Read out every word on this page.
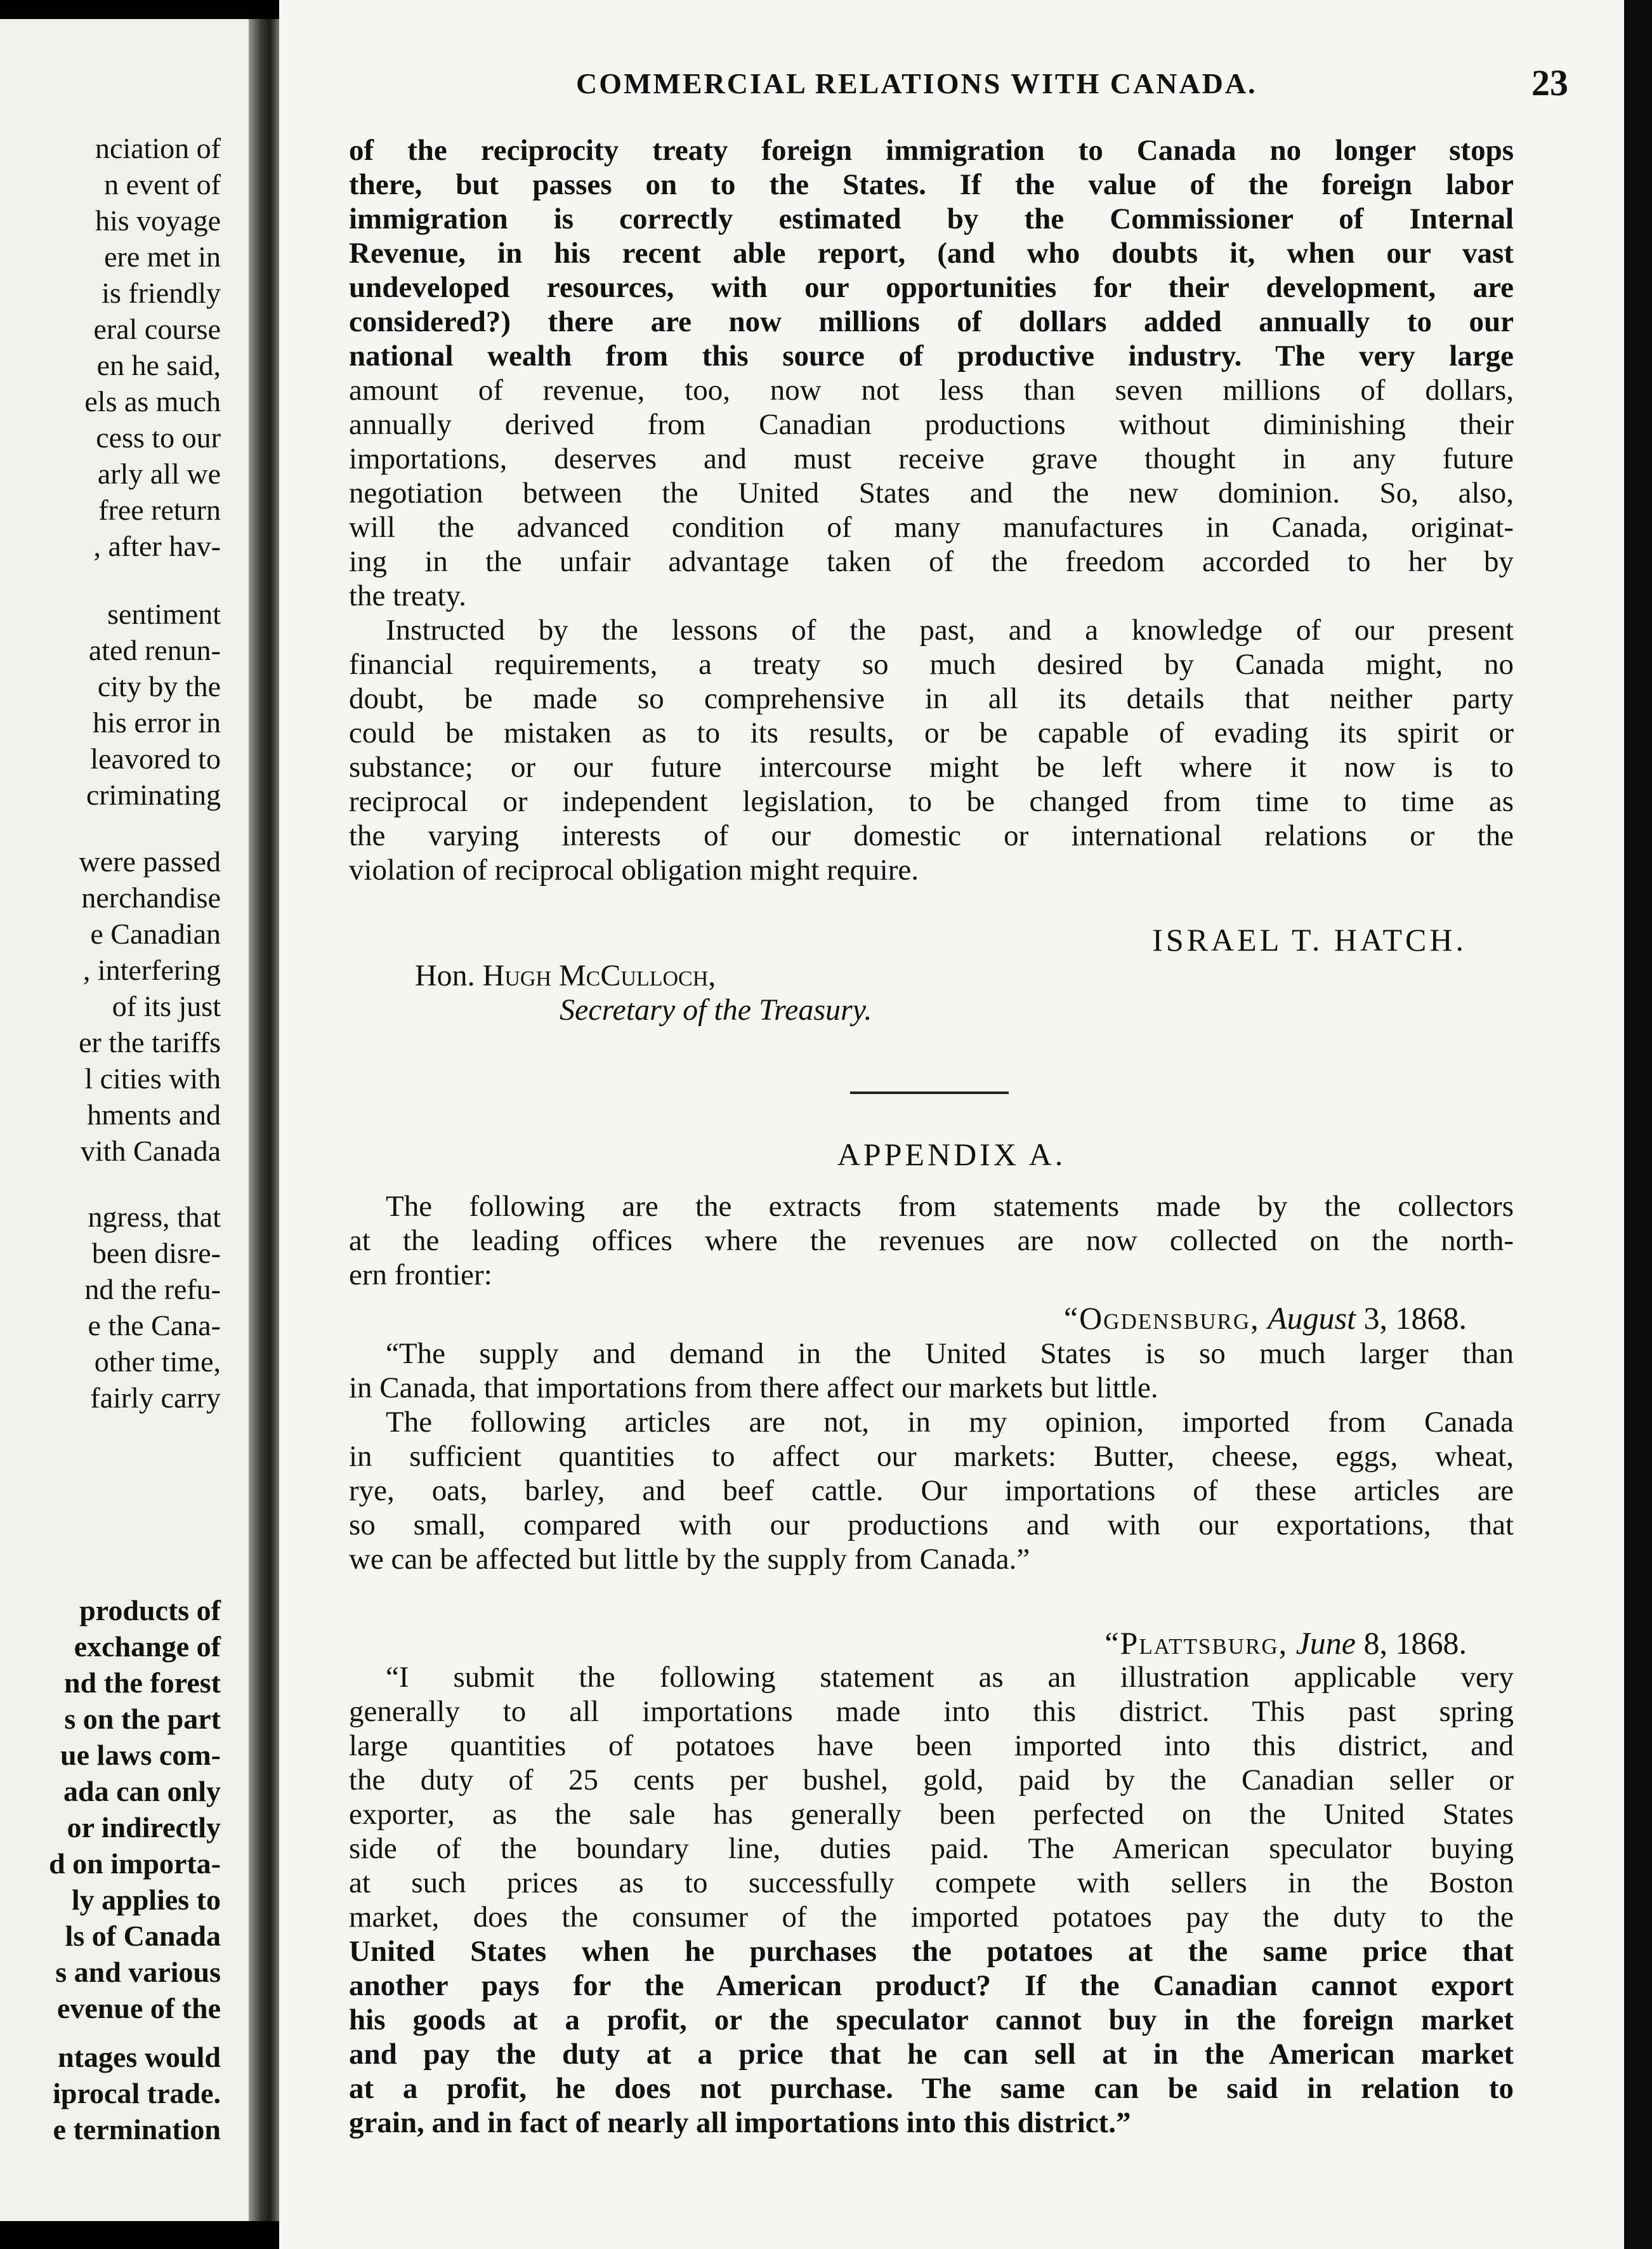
nciation of
n event of
his voyage
ere met in
is friendly
eral course
en he said,
els as much
cess to our
arly all we
free return
, after hav-
sentiment
ated renun-
city by the
his error in
leavored to
criminating
were passed
nerchandise
e Canadian
, interfering
of its just
er the tariffs
l cities with
hments and
vith Canada
ngress, that
been disre-
nd the refu-
e the Cana-
other time,
fairly carry
products of
exchange of
nd the forest
s on the part
ue laws com-
ada can only
or indirectly
d on importa-
ly applies to
ls of Canada
s and various
evenue of the
ntages would
iprocal trade.
e termination
COMMERCIAL RELATIONS WITH CANADA.	23
of the reciprocity treaty foreign immigration to Canada no longer stops
there, but passes on to the States. If the value of the foreign labor
immigration is correctly estimated by the Commissioner of Internal
Revenue, in his recent able report, (and who doubts it, when our vast
undeveloped resources, with our opportunities for their development, are
considered?) there are now millions of dollars added annually to our
national wealth from this source of productive industry. The very large
amount of revenue, too, now not less than seven millions of dollars,
annually derived from Canadian productions without diminishing their
importations, deserves and must receive grave thought in any future
negotiation between the United States and the new dominion. So, also,
will the advanced condition of many manufactures in Canada, originat-
ing in the unfair advantage taken of the freedom accorded to her by
the treaty.
Instructed by the lessons of the past, and a knowledge of our present
financial requirements, a treaty so much desired by Canada might, no
doubt, be made so comprehensive in all its details that neither party
could be mistaken as to its results, or be capable of evading its spirit or
substance; or our future intercourse might be left where it now is to
reciprocal or independent legislation, to be changed from time to time as
the varying interests of our domestic or international relations or the
violation of reciprocal obligation might require.
ISRAEL T. HATCH.
Hon. Hugh McCulloch,
Secretary of the Treasury.
APPENDIX A.
The following are the extracts from statements made by the collectors
at the leading offices where the revenues are now collected on the north-
ern frontier:
“Ogdensburg, August 3, 1868.
“The supply and demand in the United States is so much larger than
in Canada, that importations from there affect our markets but little.
The following articles are not, in my opinion, imported from Canada
in sufficient quantities to affect our markets: Butter, cheese, eggs, wheat,
rye, oats, barley, and beef cattle. Our importations of these articles are
so small, compared with our productions and with our exportations, that
we can be affected but little by the supply from Canada.”
“Plattsburg, June 8, 1868.
“I submit the following statement as an illustration applicable very
generally to all importations made into this district. This past spring
large quantities of potatoes have been imported into this district, and
the duty of 25 cents per bushel, gold, paid by the Canadian seller or
exporter, as the sale has generally been perfected on the United States
side of the boundary line, duties paid. The American speculator buying
at such prices as to successfully compete with sellers in the Boston
market, does the consumer of the imported potatoes pay the duty to the
United States when he purchases the potatoes at the same price that
another pays for the American product? If the Canadian cannot export
his goods at a profit, or the speculator cannot buy in the foreign market
and pay the duty at a price that he can sell at in the American market
at a profit, he does not purchase. The same can be said in relation to
grain, and in fact of nearly all importations into this district.”
